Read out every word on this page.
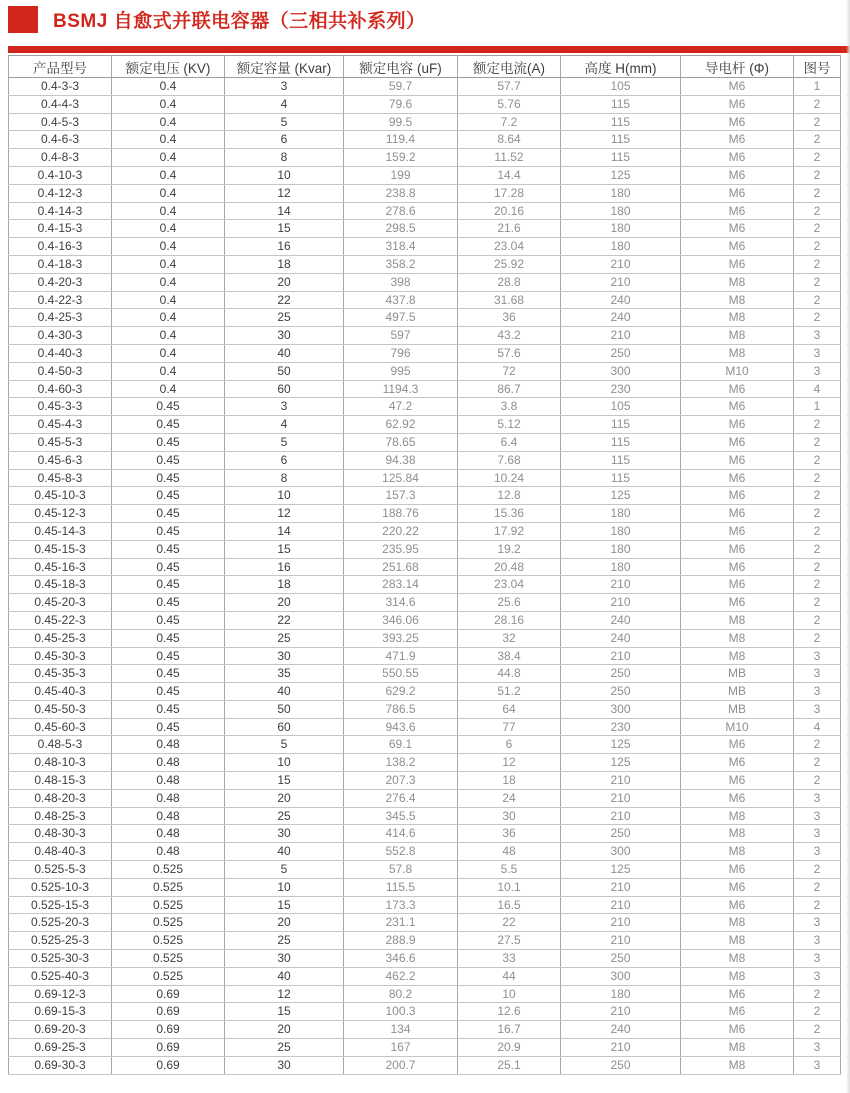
BSMJ 自愈式并联电容器（三相共补系列）
产品型号	额定电压 (KV)	额定容量 (Kvar)	额定电容 (uF)	额定电流(A)	高度 H(mm)	导电杆 (Φ)	图号
0.4-3-3	0.4	3	59.7	57.7	105	M6	1
0.4-4-3	0.4	4	79.6	5.76	115	M6	2
0.4-5-3	0.4	5	99.5	7.2	115	M6	2
0.4-6-3	0.4	6	119.4	8.64	115	M6	2
0.4-8-3	0.4	8	159.2	11.52	115	M6	2
0.4-10-3	0.4	10	199	14.4	125	M6	2
0.4-12-3	0.4	12	238.8	17.28	180	M6	2
0.4-14-3	0.4	14	278.6	20.16	180	M6	2
0.4-15-3	0.4	15	298.5	21.6	180	M6	2
0.4-16-3	0.4	16	318.4	23.04	180	M6	2
0.4-18-3	0.4	18	358.2	25.92	210	M6	2
0.4-20-3	0.4	20	398	28.8	210	M8	2
0.4-22-3	0.4	22	437.8	31.68	240	M8	2
0.4-25-3	0.4	25	497.5	36	240	M8	2
0.4-30-3	0.4	30	597	43.2	210	M8	3
0.4-40-3	0.4	40	796	57.6	250	M8	3
0.4-50-3	0.4	50	995	72	300	M10	3
0.4-60-3	0.4	60	1194.3	86.7	230	M6	4
0.45-3-3	0.45	3	47.2	3.8	105	M6	1
0.45-4-3	0.45	4	62.92	5.12	115	M6	2
0.45-5-3	0.45	5	78.65	6.4	115	M6	2
0.45-6-3	0.45	6	94.38	7.68	115	M6	2
0.45-8-3	0.45	8	125.84	10.24	115	M6	2
0.45-10-3	0.45	10	157.3	12.8	125	M6	2
0.45-12-3	0.45	12	188.76	15.36	180	M6	2
0.45-14-3	0.45	14	220.22	17.92	180	M6	2
0.45-15-3	0.45	15	235.95	19.2	180	M6	2
0.45-16-3	0.45	16	251.68	20.48	180	M6	2
0.45-18-3	0.45	18	283.14	23.04	210	M6	2
0.45-20-3	0.45	20	314.6	25.6	210	M6	2
0.45-22-3	0.45	22	346.06	28.16	240	M8	2
0.45-25-3	0.45	25	393.25	32	240	M8	2
0.45-30-3	0.45	30	471.9	38.4	210	M8	3
0.45-35-3	0.45	35	550.55	44.8	250	MB	3
0.45-40-3	0.45	40	629.2	51.2	250	MB	3
0.45-50-3	0.45	50	786.5	64	300	MB	3
0.45-60-3	0.45	60	943.6	77	230	M10	4
0.48-5-3	0.48	5	69.1	6	125	M6	2
0.48-10-3	0.48	10	138.2	12	125	M6	2
0.48-15-3	0.48	15	207.3	18	210	M6	2
0.48-20-3	0.48	20	276.4	24	210	M6	3
0.48-25-3	0.48	25	345.5	30	210	M8	3
0.48-30-3	0.48	30	414.6	36	250	M8	3
0.48-40-3	0.48	40	552.8	48	300	M8	3
0.525-5-3	0.525	5	57.8	5.5	125	M6	2
0.525-10-3	0.525	10	115.5	10.1	210	M6	2
0.525-15-3	0.525	15	173.3	16.5	210	M6	2
0.525-20-3	0.525	20	231.1	22	210	M8	3
0.525-25-3	0.525	25	288.9	27.5	210	M8	3
0.525-30-3	0.525	30	346.6	33	250	M8	3
0.525-40-3	0.525	40	462.2	44	300	M8	3
0.69-12-3	0.69	12	80.2	10	180	M6	2
0.69-15-3	0.69	15	100.3	12.6	210	M6	2
0.69-20-3	0.69	20	134	16.7	240	M6	2
0.69-25-3	0.69	25	167	20.9	210	M8	3
0.69-30-3	0.69	30	200.7	25.1	250	M8	3
